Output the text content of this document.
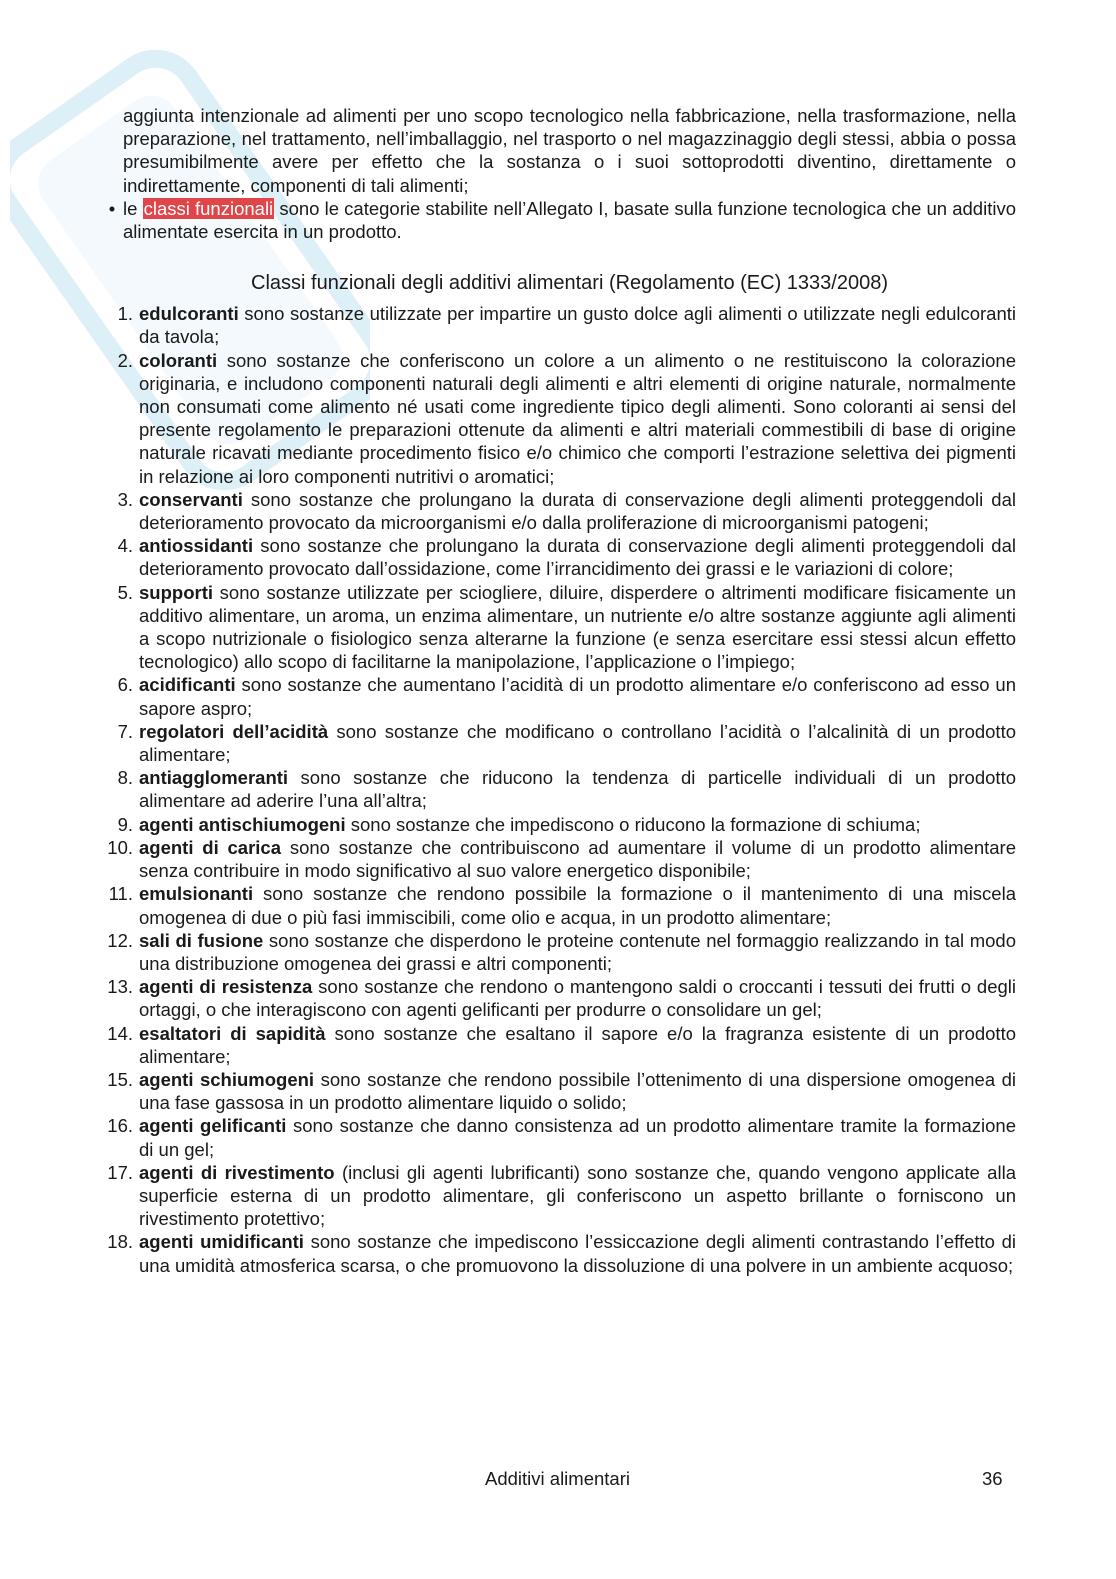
aggiunta intenzionale ad alimenti per uno scopo tecnologico nella fabbricazione, nella trasformazione, nella preparazione, nel trattamento, nell’imballaggio, nel trasporto o nel magazzinaggio degli stessi, abbia o possa presumibilmente avere per effetto che la sostanza o i suoi sottoprodotti diventino, direttamente o indirettamente, componenti di tali alimenti;

• le classi funzionali sono le categorie stabilite nell’Allegato I, basate sulla funzione tecnologica che un additivo alimentate esercita in un prodotto.

Classi funzionali degli additivi alimentari (Regolamento (EC) 1333/2008)
1. edulcoranti sono sostanze utilizzate per impartire un gusto dolce agli alimenti o utilizzate negli edulcoranti da tavola;
2. coloranti sono sostanze che conferiscono un colore a un alimento o ne restituiscono la colorazione originaria, e includono componenti naturali degli alimenti e altri elementi di origine naturale, normalmente non consumati come alimento né usati come ingrediente tipico degli alimenti. Sono coloranti ai sensi del presente regolamento le preparazioni ottenute da alimenti e altri materiali commestibili di base di origine naturale ricavati mediante procedimento fisico e/o chimico che comporti l’estrazione selettiva dei pigmenti in relazione ai loro componenti nutritivi o aromatici;
3. conservanti sono sostanze che prolungano la durata di conservazione degli alimenti proteggendoli dal deterioramento provocato da microorganismi e/o dalla proliferazione di microorganismi patogeni;
4. antiossidanti sono sostanze che prolungano la durata di conservazione degli alimenti proteggendoli dal deterioramento provocato dall’ossidazione, come l’irrancidimento dei grassi e le variazioni di colore;
5. supporti sono sostanze utilizzate per sciogliere, diluire, disperdere o altrimenti modificare fisicamente un additivo alimentare, un aroma, un enzima alimentare, un nutriente e/o altre sostanze aggiunte agli alimenti a scopo nutrizionale o fisiologico senza alterarne la funzione (e senza esercitare essi stessi alcun effetto tecnologico) allo scopo di facilitarne la manipolazione, l’applicazione o l’impiego;
6. acidificanti sono sostanze che aumentano l’acidità di un prodotto alimentare e/o conferiscono ad esso un sapore aspro;
7. regolatori dell’acidità sono sostanze che modificano o controllano l’acidità o l’alcalinità di un prodotto alimentare;
8. antiagglomeranti sono sostanze che riducono la tendenza di particelle individuali di un prodotto alimentare ad aderire l’una all’altra;
9. agenti antischiumogeni sono sostanze che impediscono o riducono la formazione di schiuma;
10. agenti di carica sono sostanze che contribuiscono ad aumentare il volume di un prodotto alimentare senza contribuire in modo significativo al suo valore energetico disponibile;
11. emulsionanti sono sostanze che rendono possibile la formazione o il mantenimento di una miscela omogenea di due o più fasi immiscibili, come olio e acqua, in un prodotto alimentare;
12. sali di fusione sono sostanze che disperdono le proteine contenute nel formaggio realizzando in tal modo una distribuzione omogenea dei grassi e altri componenti;
13. agenti di resistenza sono sostanze che rendono o mantengono saldi o croccanti i tessuti dei frutti o degli ortaggi, o che interagiscono con agenti gelificanti per produrre o consolidare un gel;
14. esaltatori di sapidità sono sostanze che esaltano il sapore e/o la fragranza esistente di un prodotto alimentare;
15. agenti schiumogeni sono sostanze che rendono possibile l’ottenimento di una dispersione omogenea di una fase gassosa in un prodotto alimentare liquido o solido;
16. agenti gelificanti sono sostanze che danno consistenza ad un prodotto alimentare tramite la formazione di un gel;
17. agenti di rivestimento (inclusi gli agenti lubrificanti) sono sostanze che, quando vengono applicate alla superficie esterna di un prodotto alimentare, gli conferiscono un aspetto brillante o forniscono un rivestimento protettivo;
18. agenti umidificanti sono sostanze che impediscono l’essiccazione degli alimenti contrastando l’effetto di una umidità atmosferica scarsa, o che promuovono la dissoluzione di una polvere in un ambiente acquoso;
Additivi alimentari	36
